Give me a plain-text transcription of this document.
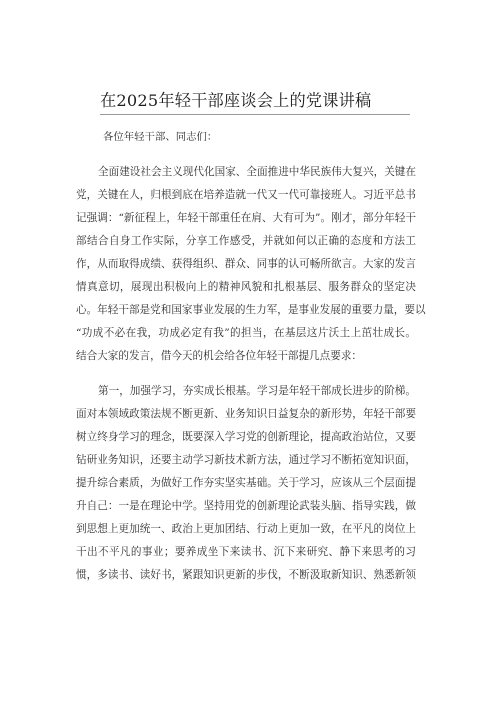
在2025年轻干部座谈会上的党课讲稿
各位年轻干部、同志们：
全面建设社会主义现代化国家、全面推进中华民族伟大复兴，关键在
党，关键在人，归根到底在培养造就一代又一代可靠接班人。习近平总书
记强调：“新征程上，年轻干部重任在肩、大有可为”。刚才，部分年轻干
部结合自身工作实际，分享工作感受，并就如何以正确的态度和方法工
作，从而取得成绩、获得组织、群众、同事的认可畅所欲言。大家的发言
情真意切，展现出积极向上的精神风貌和扎根基层、服务群众的坚定决
心。年轻干部是党和国家事业发展的生力军，是事业发展的重要力量，要以
“功成不必在我，功成必定有我”的担当，在基层这片沃土上茁壮成长。
结合大家的发言，借今天的机会给各位年轻干部提几点要求：
第一，加强学习，夯实成长根基。学习是年轻干部成长进步的阶梯。
面对本领域政策法规不断更新、业务知识日益复杂的新形势，年轻干部要
树立终身学习的理念，既要深入学习党的创新理论，提高政治站位，又要
钻研业务知识，还要主动学习新技术新方法，通过学习不断拓宽知识面，
提升综合素质，为做好工作夯实坚实基础。关于学习，应该从三个层面提
升自己：一是在理论中学。坚持用党的创新理论武装头脑、指导实践，做
到思想上更加统一、政治上更加团结、行动上更加一致，在平凡的岗位上
干出不平凡的事业；要养成坐下来读书、沉下来研究、静下来思考的习
惯，多读书、读好书，紧跟知识更新的步伐，不断汲取新知识、熟悉新领
